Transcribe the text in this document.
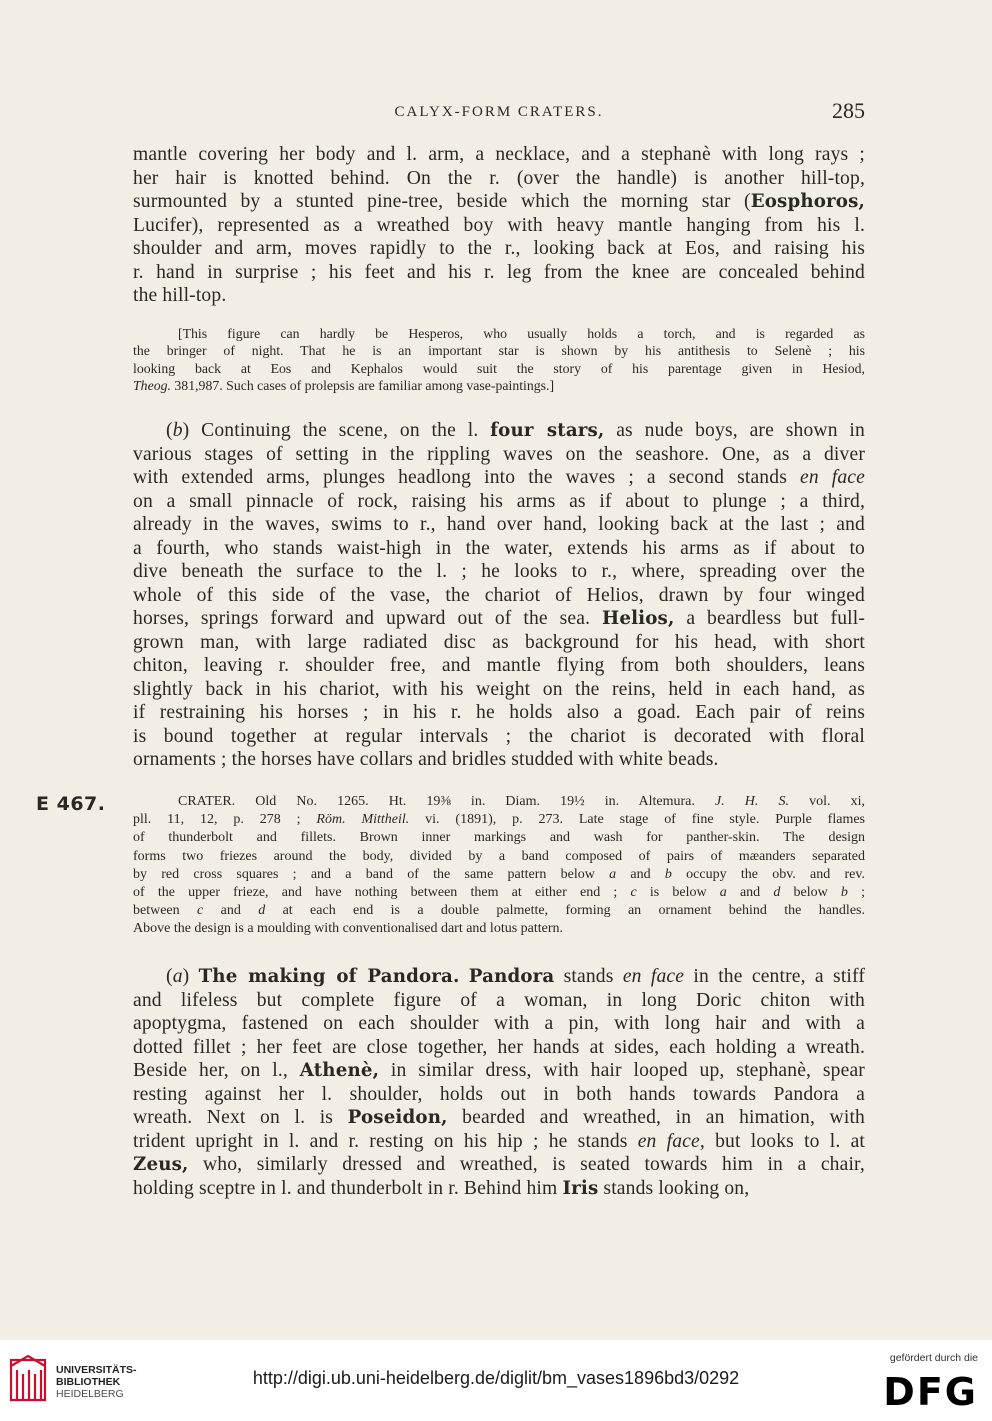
CALYX-FORM CRATERS.	285

mantle covering her body and l. arm, a necklace, and a stephanè with long rays ;

her hair is knotted behind. On the r. (over the handle) is another hill-top,

surmounted by a stunted pine-tree, beside which the morning star (Eosphoros,

Lucifer), represented as a wreathed boy with heavy mantle hanging from his l.

shoulder and arm, moves rapidly to the r., looking back at Eos, and raising his

r. hand in surprise ; his feet and his r. leg from the knee are concealed behind

the hill-top.

[This figure can hardly be Hesperos, who usually holds a torch, and is regarded as

the bringer of night. That he is an important star is shown by his antithesis to Selenè ; his

looking back at Eos and Kephalos would suit the story of his parentage given in Hesiod,

Theog. 381,987. Such cases of prolepsis are familiar among vase-paintings.]

(b) Continuing the scene, on the l. four stars, as nude boys, are shown in

various stages of setting in the rippling waves on the seashore. One, as a diver

with extended arms, plunges headlong into the waves ; a second stands en face

on a small pinnacle of rock, raising his arms as if about to plunge ; a third,

already in the waves, swims to r., hand over hand, looking back at the last ; and

a fourth, who stands waist-high in the water, extends his arms as if about to

dive beneath the surface to the l. ; he looks to r., where, spreading over the

whole of this side of the vase, the chariot of Helios, drawn by four winged

horses, springs forward and upward out of the sea. Helios, a beardless but full-

grown man, with large radiated disc as background for his head, with short

chiton, leaving r. shoulder free, and mantle flying from both shoulders, leans

slightly back in his chariot, with his weight on the reins, held in each hand, as

if restraining his horses ; in his r. he holds also a goad. Each pair of reins

is bound together at regular intervals ; the chariot is decorated with floral

ornaments ; the horses have collars and bridles studded with white beads.

E 467.	CRATER. Old No. 1265. Ht. 19⅜ in. Diam. 19½ in. Altemura. J. H. S. vol. xi,

pll. 11, 12, p. 278 ; Röm. Mittheil. vi. (1891), p. 273. Late stage of fine style. Purple flames

of thunderbolt and fillets. Brown inner markings and wash for panther-skin. The design

forms two friezes around the body, divided by a band composed of pairs of mæanders separated

by red cross squares ; and a band of the same pattern below a and b occupy the obv. and rev.

of the upper frieze, and have nothing between them at either end ; c is below a and d below b ;

between c and d at each end is a double palmette, forming an ornament behind the handles.

Above the design is a moulding with conventionalised dart and lotus pattern.

(a) The making of Pandora. Pandora stands en face in the centre, a stiff

and lifeless but complete figure of a woman, in long Doric chiton with

apoptygma, fastened on each shoulder with a pin, with long hair and with a

dotted fillet ; her feet are close together, her hands at sides, each holding a wreath.

Beside her, on l., Athenè, in similar dress, with hair looped up, stephanè, spear

resting against her l. shoulder, holds out in both hands towards Pandora a

wreath. Next on l. is Poseidon, bearded and wreathed, in an himation, with

trident upright in l. and r. resting on his hip ; he stands en face, but looks to l. at

Zeus, who, similarly dressed and wreathed, is seated towards him in a chair,

holding sceptre in l. and thunderbolt in r. Behind him Iris stands looking on,

UNIVERSITÄTS-
BIBLIOTHEK
HEIDELBERG
http://digi.ub.uni-heidelberg.de/diglit/bm_vases1896bd3/0292
gefördert durch die
DFG
